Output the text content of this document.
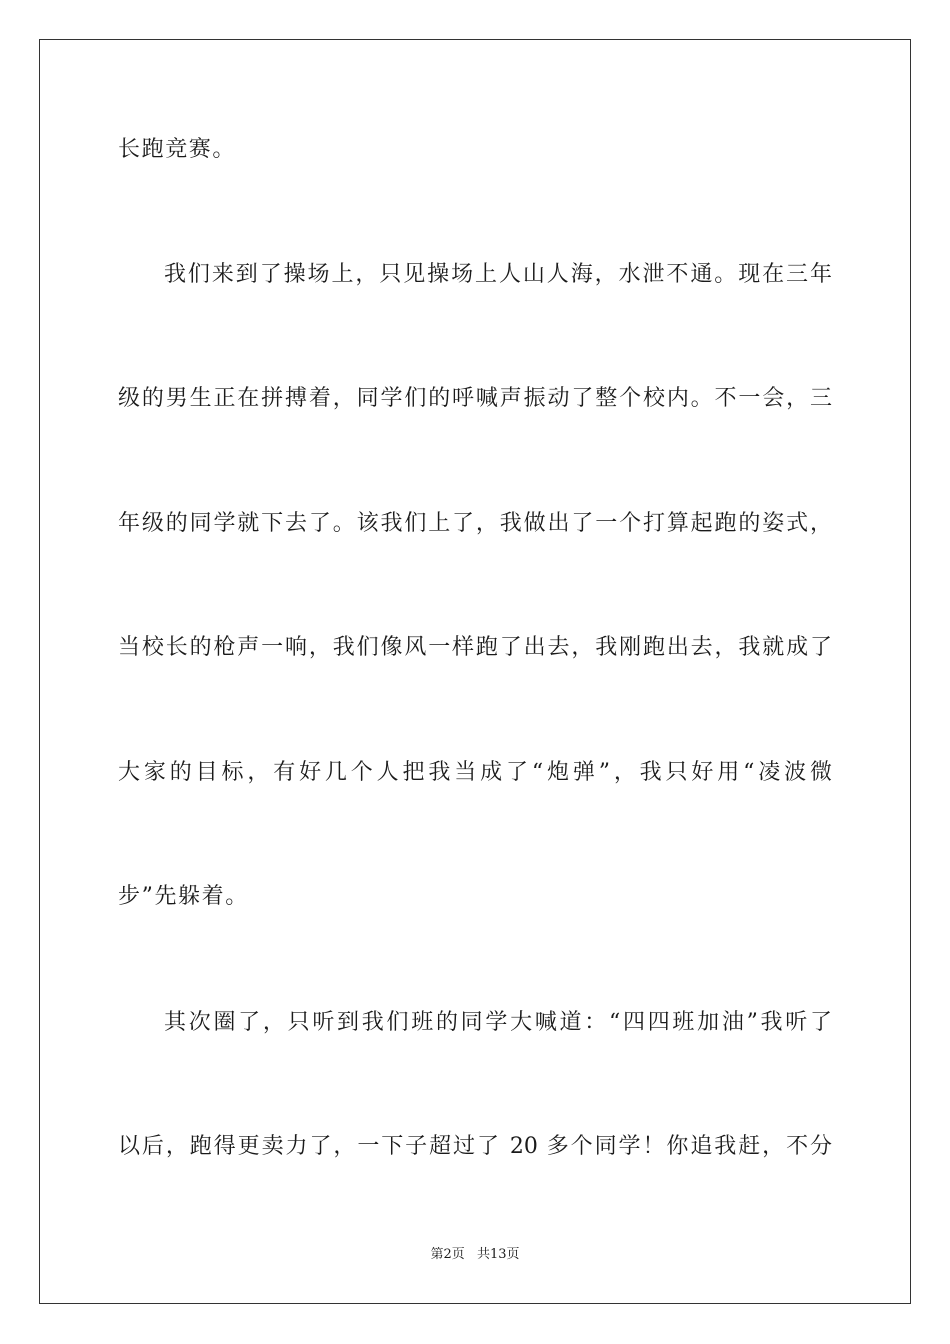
长跑竞赛。
我们来到了操场上，只见操场上人山人海，水泄不通。现在三年
级的男生正在拼搏着，同学们的呼喊声振动了整个校内。不一会，三
年级的同学就下去了。该我们上了，我做出了一个打算起跑的姿式，
当校长的枪声一响，我们像风一样跑了出去，我刚跑出去，我就成了
大家的目标，有好几个人把我当成了“炮弹”，我只好用“凌波微
步”先躲着。
其次圈了，只听到我们班的同学大喊道：“四四班加油”我听了
以后，跑得更卖力了，一下子超过了 20 多个同学！你追我赶，不分
第2页 共13页
